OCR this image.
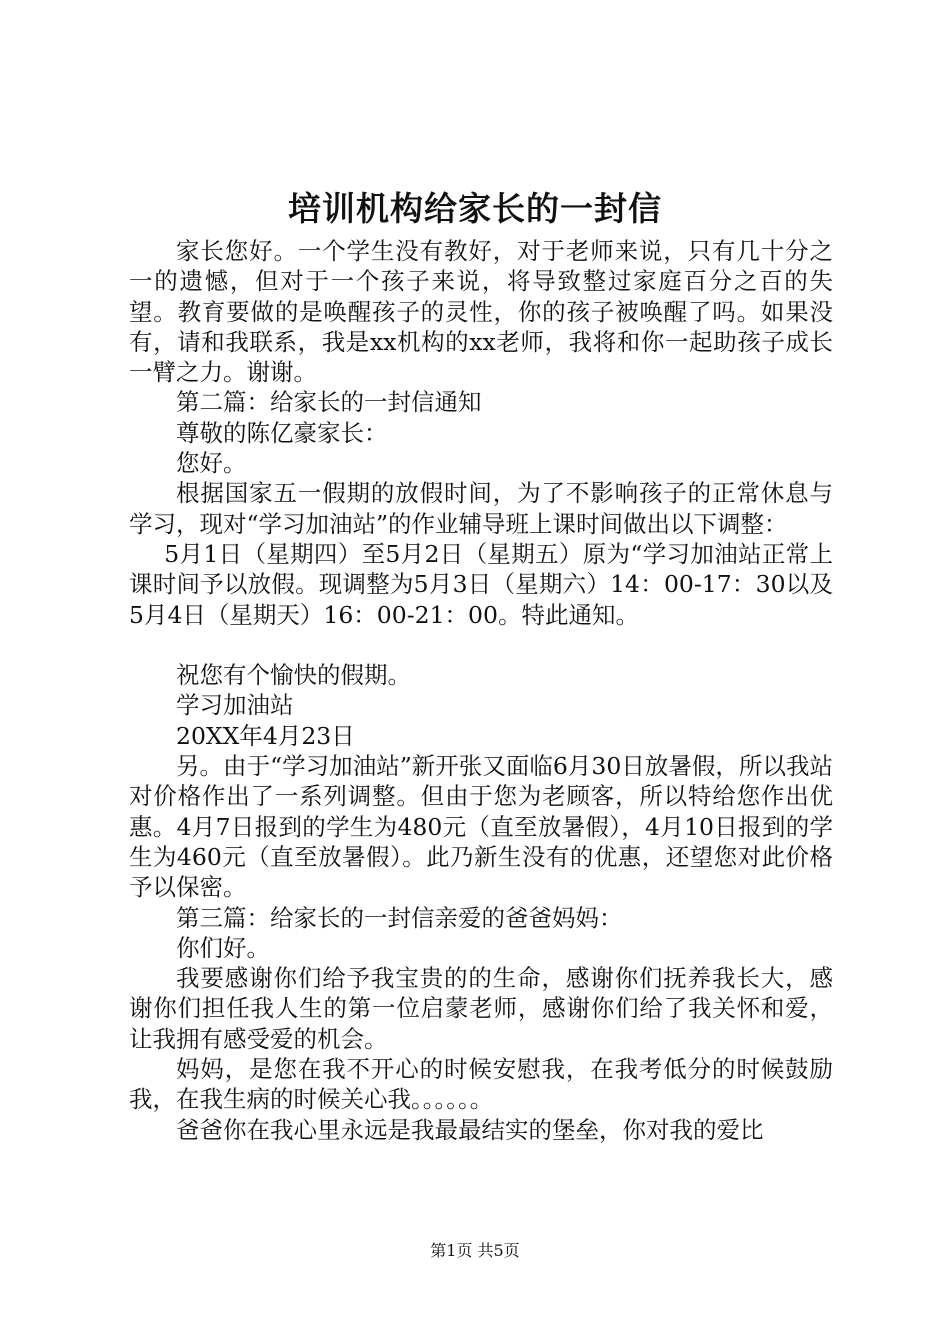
培训机构给家长的一封信

家长您好。一个学生没有教好，对于老师来说，只有几十分之一的遗憾，但对于一个孩子来说，将导致整过家庭百分之百的失望。教育要做的是唤醒孩子的灵性，你的孩子被唤醒了吗。如果没有，请和我联系，我是xx机构的xx老师，我将和你一起助孩子成长一臂之力。谢谢。

第二篇：给家长的一封信通知

尊敬的陈亿豪家长：

您好。

根据国家五一假期的放假时间，为了不影响孩子的正常休息与学习，现对“学习加油站”的作业辅导班上课时间做出以下调整：

5月1日（星期四）至5月2日（星期五）原为“学习加油站正常上课时间予以放假。现调整为5月3日（星期六）14：00-17：30以及5月4日（星期天）16：00-21：00。特此通知。

祝您有个愉快的假期。

学习加油站

20XX年4月23日

另。由于“学习加油站”新开张又面临6月30日放暑假，所以我站对价格作出了一系列调整。但由于您为老顾客，所以特给您作出优惠。4月7日报到的学生为480元（直至放暑假），4月10日报到的学生为460元（直至放暑假）。此乃新生没有的优惠，还望您对此价格予以保密。

第三篇：给家长的一封信亲爱的爸爸妈妈：

你们好。

我要感谢你们给予我宝贵的的生命，感谢你们抚养我长大，感谢你们担任我人生的第一位启蒙老师，感谢你们给了我关怀和爱，让我拥有感受爱的机会。

妈妈，是您在我不开心的时候安慰我，在我考低分的时候鼓励我，在我生病的时候关心我。。。。。。

爸爸你在我心里永远是我最最结实的堡垒，你对我的爱比

第1页 共5页
